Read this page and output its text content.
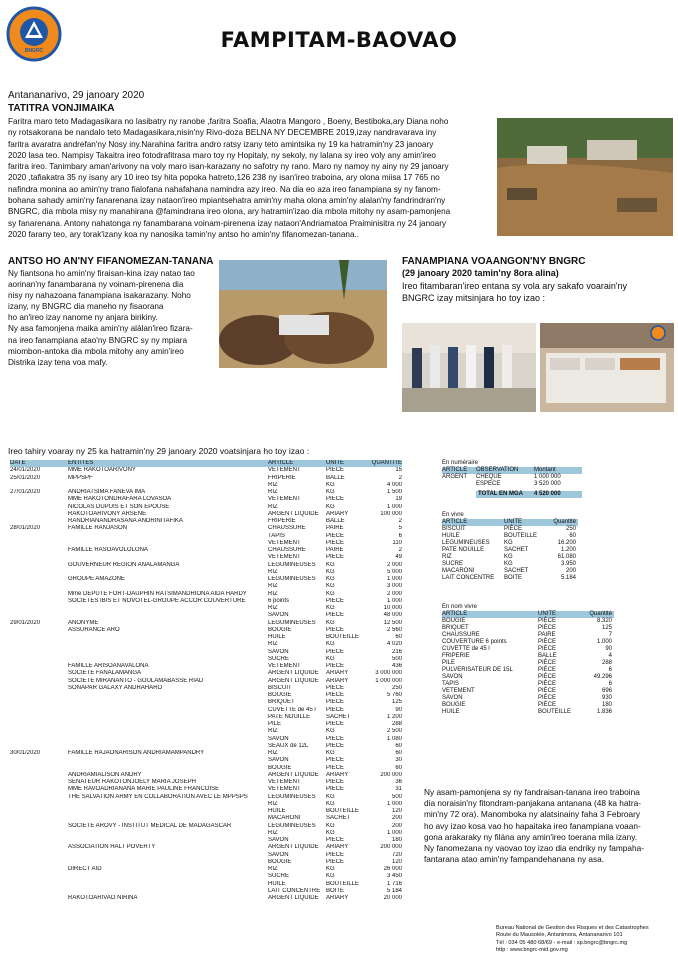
BNGRC	FAMPITAM-BAOVAO
Antananarivo, 29 janoary 2020
TATITRA VONJIMAIKA
Faritra maro teto Madagasikara no lasibatry ny ranobe ,faritra Soafia, Alaotra Mangoro , Boeny, Bestiboka,ary Diana noho
ny rotsakorana be nandalo teto Madagasikara,nisin'ny Rivo-doza BELNA NY DECEMBRE 2019,izay nandravarava iny
faritra avaratra andrefan'ny Nosy iny.Narahina faritra andro ratsy izany teto amintsika ny 19 ka hatramin'ny 23 janoary
2020 lasa teo. Nampisy Takaitra ireo fotodrafitrasa maro toy ny Hopitaly, ny sekoly, ny lalana sy ireo voly any amin'ireo
faritra ireo. Tanimbary aman'arivony na voly maro isan-karazany no safotry ny rano. Maro ny namoy ny ainy ny 29 janoary
2020 ,tafiakatra 35 ny isany ary 10 ireo tsy hita popoka hatreto,126 238 ny isan'ireo traboina, ary olona miisa 17 765 no
nafindra monina ao amin'ny trano fialofana nahafahana namindra azy ireo. Na dia eo aza ireo fanampiana sy ny fanom-
bohana sahady amin'ny fanarenana izay nataon'ireo mpiantsehatra amin'ny maha olona amin'ny alalan'ny fandrindran'ny
BNGRC, dia mbola misy ny manahirana @famindrana ireo olona, ary hatramin'izao dia mbola mitohy ny asam-pamonjena
sy fanarenana. Antony nahatonga ny fanambarana voinam-pirenena izay nataon'Andriamatoa Praiminisitra ny 24 janoary
2020 farany teo, ary torak'izany koa ny nanosika tamin'ny antso ho amin'ny fifanomezan-tanana..
ANTSO HO AN'NY FIFANOMEZAN-TANANA
Ny fiantsona ho amin'ny firaisan-kina izay natao tao
aorinan'ny fanambarana ny voinam-pirenena dia
nisy ny nahazoana fanampiana isakarazany. Noho
izany, ny BNGRC dia maneho ny fisaorana
ho an'ireo izay nanome ny anjara birikiny.
Ny asa famonjena maika amin'ny alálan'ireo fizara-
na ireo fanampiana atao'ny BNGRC sy ny mpiara
miombon-antoka dia mbola mitohy any amin'ireo
Distrika izay tena voa mafy.
FANAMPIANA VOAANGON'NY BNGRC
(29 janoary 2020 tamin'ny 8ora alina)
Ireo fitambaran'ireo entana sy vola ary sakafo voarain'ny
BNGRC izay mitsinjara ho toy izao :
Ireo tahiry voaray ny 25 ka hatramin'ny 29 janoary 2020 voatsinjara ho toy izao :
DATE	ENTITES	ARTICLE	UNITE	QUANTITE
24/01/2020	MME RAKOTOARIVONY	VETEMENT	PIÈCE	15
25/01/2020	MPPSPF	FRIPERIE	BALLE	2
RIZ	KG	4 000
27/01/2020	ANDRIATSIMA FANEVA IMA	RIZ	KG	1 500
MME RAKOTONDRAFARA LOVASOA	VETEMENT	PIÈCE	19
NICOLAS DUPUIS ET SON EPOUSE	RIZ	KG	1 000
RAKOTOARIVONY ARSENE	ARGENT LIQUIDE	ARIARY	100 000
RANDRIANANDRASANA ANDRINITAFIKA	FRIPERIE	BALLE	2
28/01/2020	FAMILLE RANJASON	CHAUSSURE	PAIRE	5
TAPIS	PIÈCE	6
VETEMENT	PIÈCE	110
FAMILLE RASOAVOLOLONA	CHAUSSURE	PAIRE	2
VETEMENT	PIÈCE	49
GOUVERNEUR REGION ANALAMANGA	LEGUMINEUSES	KG	2 000
RIZ	KG	5 000
GROUPE AMAZONE	LEGUMINEUSES	KG	1 000
RIZ	KG	3 000
Mme DEPUTE FORT-DAUPHIN RATSIMANDRIONA AIDA HARDY	RIZ	KG	2 000
SOCIETES IBIS ET NOVOTEL-GROUPE ACCOR COUVERTURE	6 points	PIÈCE	1 000
RIZ	KG	10 000
SAVON	PIÈCE	48 000
29/01/2020	ANONYME	LEGUMINEUSES	KG	12 500
ASSURANCE ARO	BOUGIE	PIÈCE	2 560
HUILE	BOUTEILLE	60
RIZ	KG	4 020
SAVON	PIÈCE	216
SUCRE	KG	500
FAMILLE ARISOANAVALONA	VETEMENT	PIÈCE	436
SOCIETE FANALAMANGA	ARGENT LIQUIDE	ARIARY	3 000 000
SOCIETE MIRANANTO - GOULAMABASSE RIAD	ARGENT LIQUIDE	ARIARY	1 000 000
SONAPAR GALAXY ANDRAHARO	BISCUIT	PIÈCE	250
BOUGIE	PIÈCE	5 760
BRIQUET	PIÈCE	125
CUVETTE de 45 l	PIÈCE	90
PATE NOUILLE	SACHET	1 200
PILE	PIÈCE	288
RIZ	KG	2 500
SAVON	PIÈCE	1 080
SEAUX de 12L	PIÈCE	60
30/01/2020	FAMILLE RAJAONARISON ANDRIAMAMPANDRY	RIZ	KG	60
SAVON	PIÈCE	30
BOUGIE	PIÈCE	60
ANDRIAMIALISON ANDRY	ARGENT LIQUIDE	ARIARY	200 000
SENATEUR RAKOTONJOELY MARIA JOSEPH	VETEMENT	PIÈCE	36
MME RAVOADRIANANA MARIE PAULINE FRANCOISE	VETEMENT	PIÈCE	31
THE SALVATION ARMY EN COLLABORATION AVEC LE MPPSPS	LEGUMINEUSES	KG	500
RIZ	KG	1 000
HUILE	BOUTEILLE	120
MACARONI	SACHET	200
SOCIETE AROVY - INSTITUT MEDICAL DE MADAGASCAR	LEGUMINEUSES	KG	200
RIZ	KG	1 000
SAVON	PIÈCE	180
ASSOCIATION HALT POVERTY	ARGENT LIQUIDE	ARIARY	200 000
SAVON	PIÈCE	720
BOUGIE	PIÈCE	120
DIRECT AID	RIZ	KG	26 000
SUCRE	KG	3 450
HUILE	BOUTEILLE	1 716
LAIT CONCENTRE BOITE	5 184
RAKOTOARIVAO NIRINA	ARGENT LIQUIDE	ARIARY	20 000
En numéraire
ARTICLE OBSERVATION	Montant
ARGENT CHEQUE	1 000 000
ESPECE	3 520 000
TOTAL EN MGA 4 520 000
En vivre
ARTICLE	UNITE	Quantité
BISCUIT	PIÈCE	250
HUILE	BOUTEILLE	60
LEGUMINEUSES KG	16.200
PATE NOUILLE	SACHET	1.200
RIZ	KG	61.080
SUCRE	KG	3.950
MACARONI	SACHET	200
LAIT CONCENTRE BOITE	5.184
En nom vivre
ARTICLE	UNITE	Quantité
BOUGIE	PIÈCE	8.320
BRIQUET	PIÈCE	125
CHAUSSURE	PAIRE	7
COUVERTURE 6 points	PIÈCE	1.000
CUVETTE de 45 l	PIÈCE	90
FRIPERIE	BALLE	4
PILE	PIÈCE	288
PULVERISATEUR DE 15L	PIÈCE	6
SAVON	PIÈCE	49.296
TAPIS	PIÈCE	6
VETEMENT	PIÈCE	696
SAVON	PIÈCE	930
BOUGIE	PIÈCE	180
HUILE	BOUTEILLE	1.836
Ny asam-pamonjena sy ny fandraisan-tanana ireo traboina
dia noraisin'ny fitondram-panjakana antanana (48 ka hatra-
min'ny 72 ora). Manomboka ny alatsinainy faha 3 Febroary
ho avy izao kosa vao ho hapaitaka ireo fanampiana voaan-
gona arakaraky ny filána any amin'ireo toerana mila izany.
Ny fanomezana ny vaovao toy izao dia endriky ny fampaha-
fantarana atao amin'ny fampandehanana ny asa.
Bureau National de Gestion des Risques et des Catastrophes
Route du Mausolée, Antanimora, Antananarivo 101
Tél : 034 05 480 68/69 - e-mail : sp.bngrc@bngrc.mg
http : www.bngrc-mid.gov.mg
